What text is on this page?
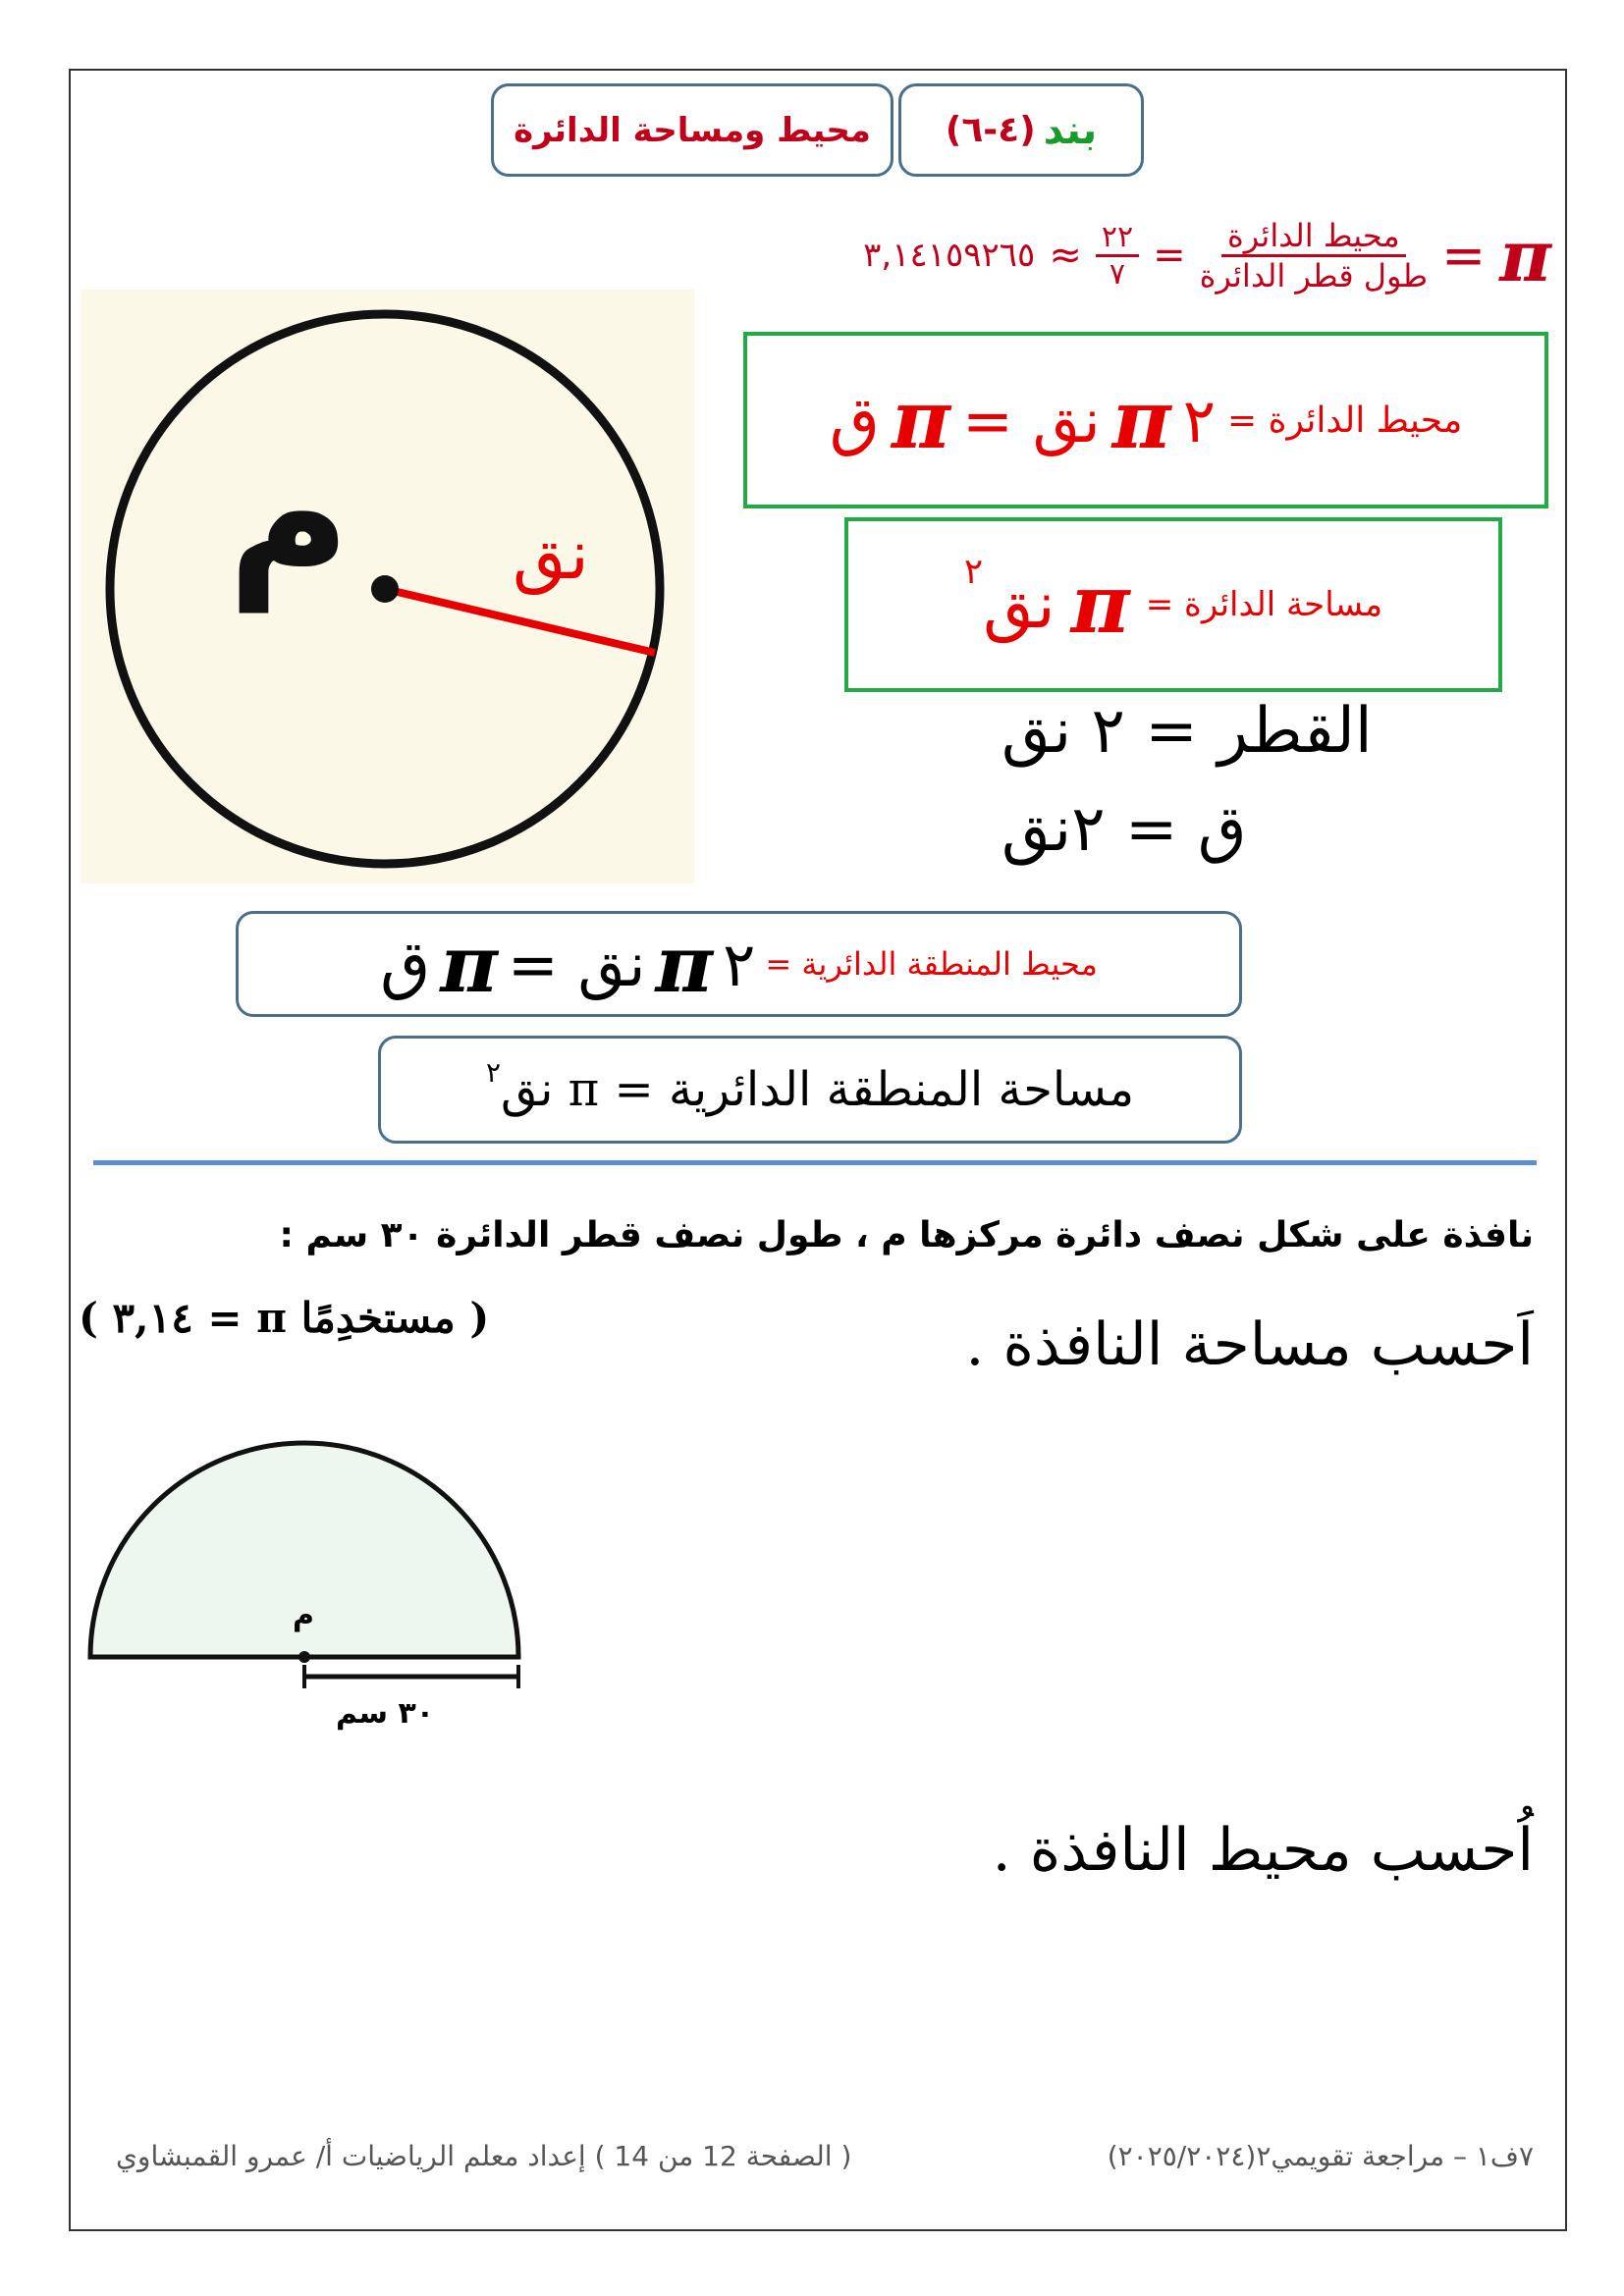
بند
(٤-٦)
محيط ومساحة الدائرة
π
=
$\frac{\text{محيط الدائرة}}{\text{طول قطر الدائرة}}$
=
$\frac{٢٢}{٧}$
≈
٣,١٤١٥٩٢٦٥
م نق
محيط الدائرة =
٢
π
نق =
π
ق
مساحة الدائرة =
π
نق$^٢$
القطر = ٢ نق
ق = ٢نق
محيط المنطقة الدائرية =
٢
π
نق =
π
ق
مساحة المنطقة الدائرية = π نق
$^٢$
نافذة على شكل نصف دائرة مركزها م ، طول نصف قطر الدائرة ٣٠ سم :
( مستخدِمًا π = ٣,١٤ )	اَحسب مساحة النافذة .
م
٣٠ سم
اُحسب محيط النافذة .
( الصفحة 12 من 14 ) إعداد معلم الرياضيات أ/ عمرو القمبشاوي	٧ف١ – مراجعة تقويمي٢(٢٠٢٥/٢٠٢٤)
